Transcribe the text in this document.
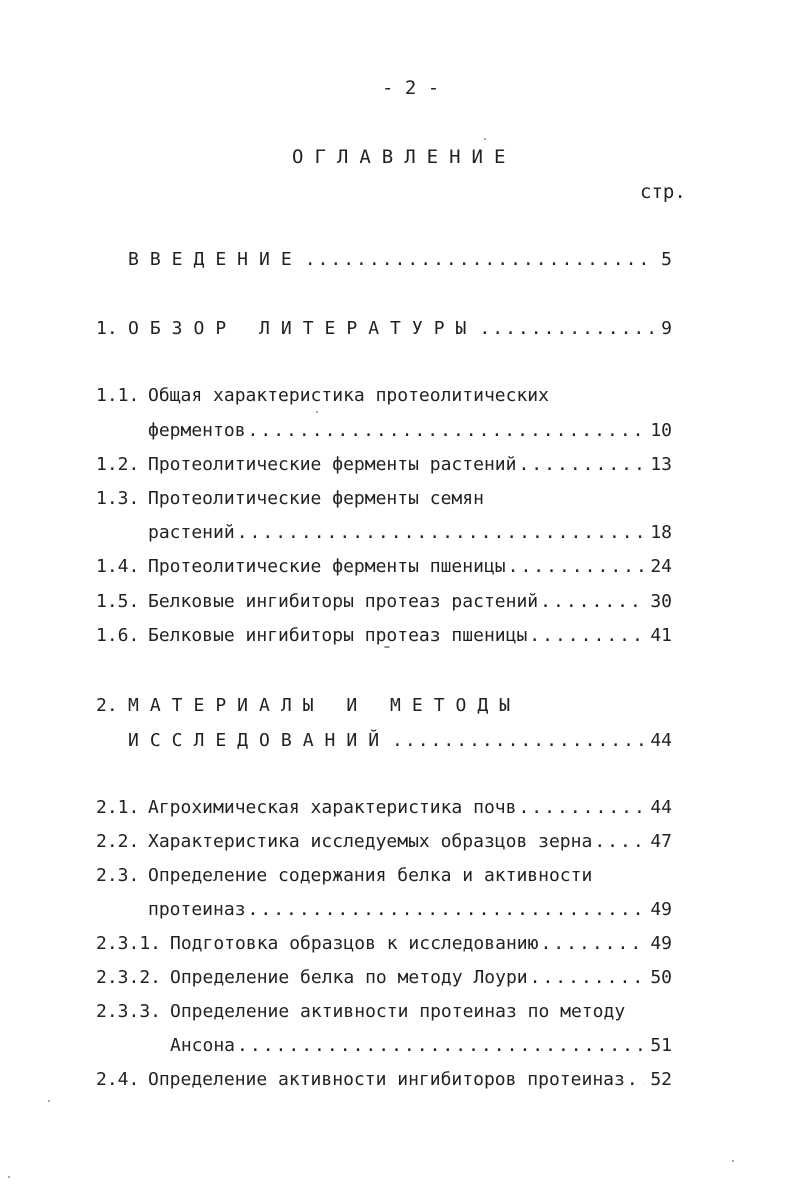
- 2 -
ОГЛАВЛЕНИЕ
стр.
ВВЕДЕНИЕ .....	5
1. ОБЗОР ЛИТЕРАТУРЫ .....	9
1.1. Общая характеристика протеолитических
ферментов .....	10
1.2. Протеолитические ферменты растений .....	13
1.3. Протеолитические ферменты семян
растений .....	18
1.4. Протеолитические ферменты пшеницы .....	24
1.5. Белковые ингибиторы протеаз растений .....	30
1.6. Белковые ингибиторы протеаз пшеницы .....	41
2. МАТЕРИАЛЫ И МЕТОДЫ
ИССЛЕДОВАНИЙ .....	44
2.1. Агрохимическая характеристика почв .....	44
2.2. Характеристика исследуемых образцов зерна .....	47
2.3. Определение содержания белка и активности
протеиназ .....	49
2.3.1. Подготовка образцов к исследованию .....	49
2.3.2. Определение белка по методу Лоури .....	50
2.3.3. Определение активности протеиназ по методу
Ансона .....	51
2.4. Определение активности ингибиторов протеиназ ..... 52
